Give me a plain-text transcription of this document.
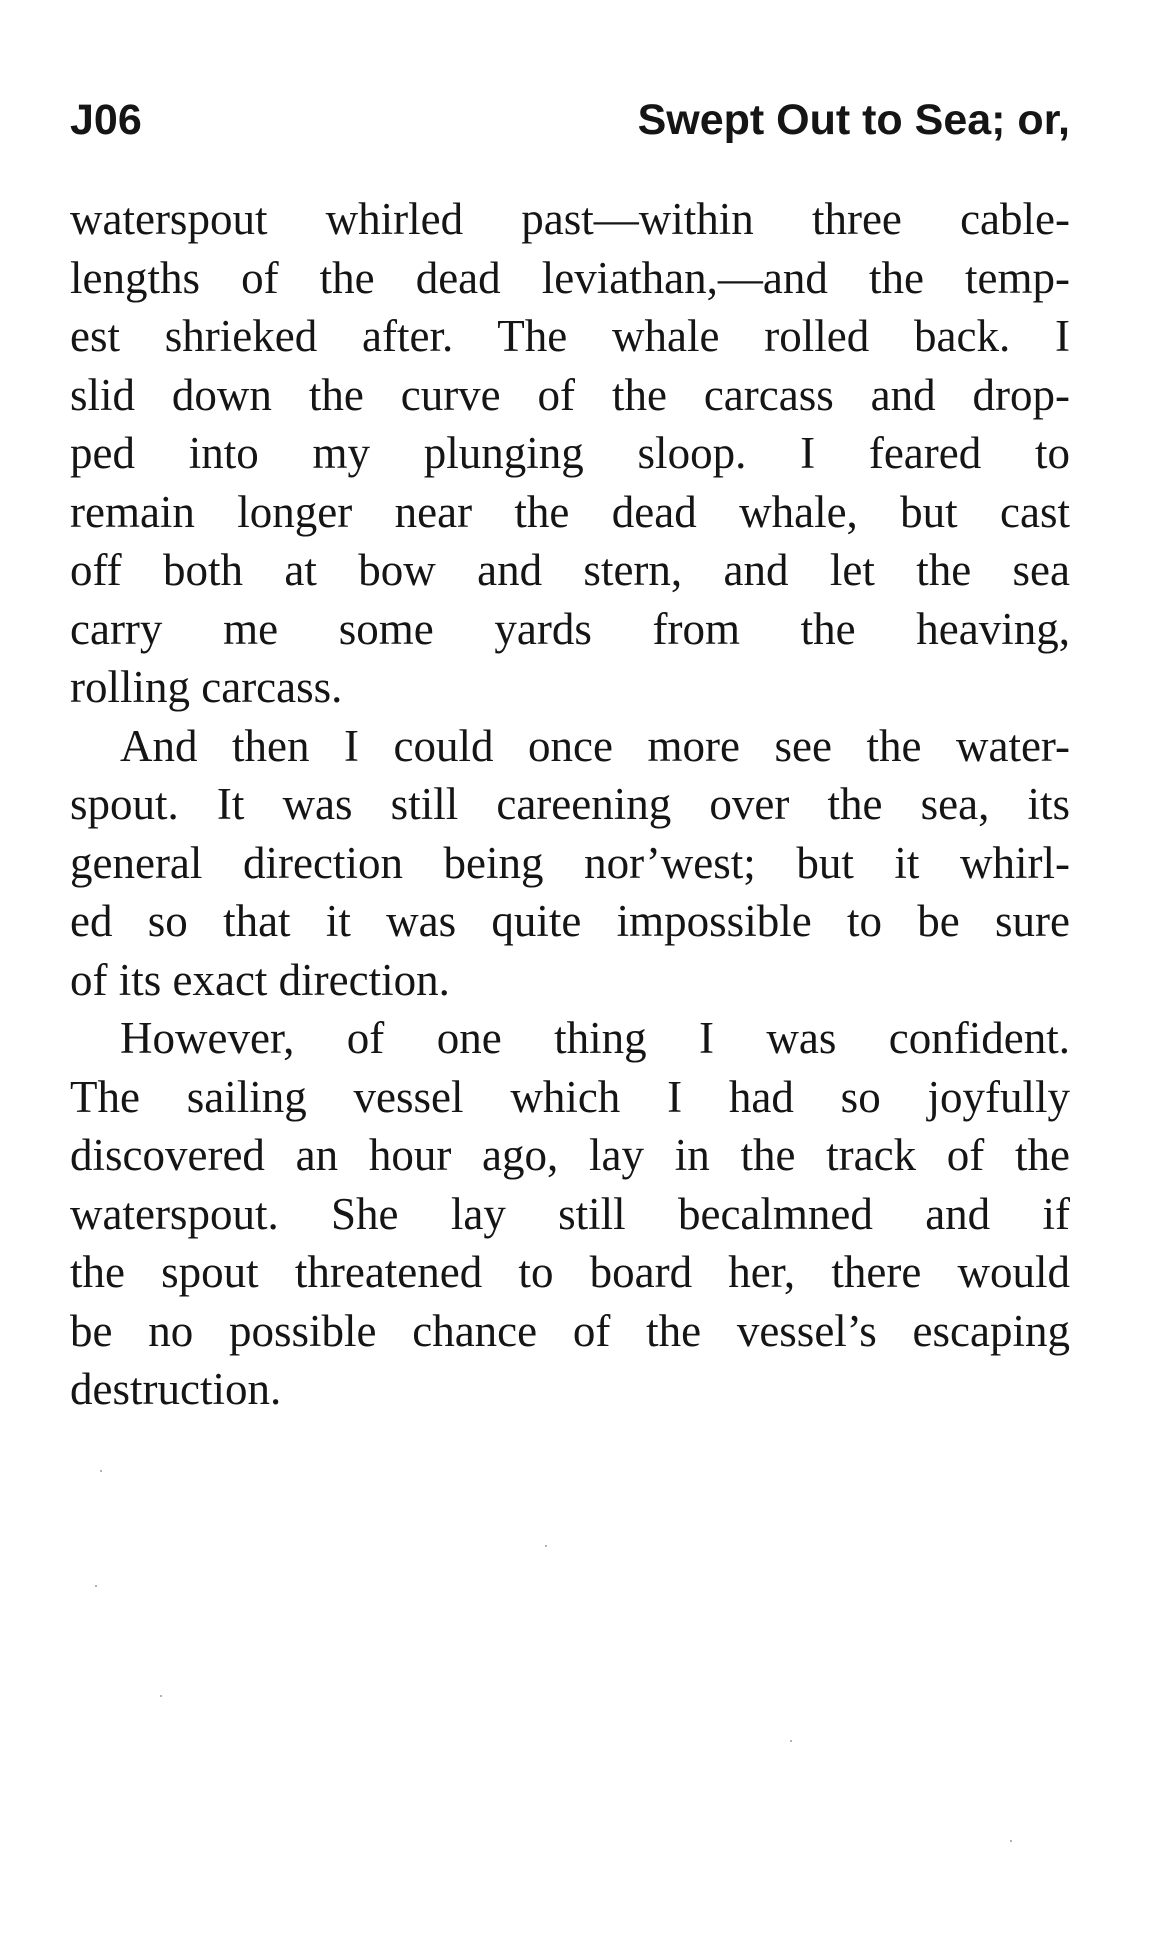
J06	Swept Out to Sea; or,
waterspout whirled past—within three cable-
lengths of the dead leviathan,—and the temp-
est shrieked after. The whale rolled back. I
slid down the curve of the carcass and drop-
ped into my plunging sloop. I feared to
remain longer near the dead whale, but cast
off both at bow and stern, and let the sea
carry me some yards from the heaving,
rolling carcass.
And then I could once more see the water-
spout. It was still careening over the sea, its
general direction being nor’west; but it whirl-
ed so that it was quite impossible to be sure
of its exact direction.
However, of one thing I was confident.
The sailing vessel which I had so joyfully
discovered an hour ago, lay in the track of the
waterspout. She lay still becalmned and if
the spout threatened to board her, there would
be no possible chance of the vessel’s escaping
destruction.
